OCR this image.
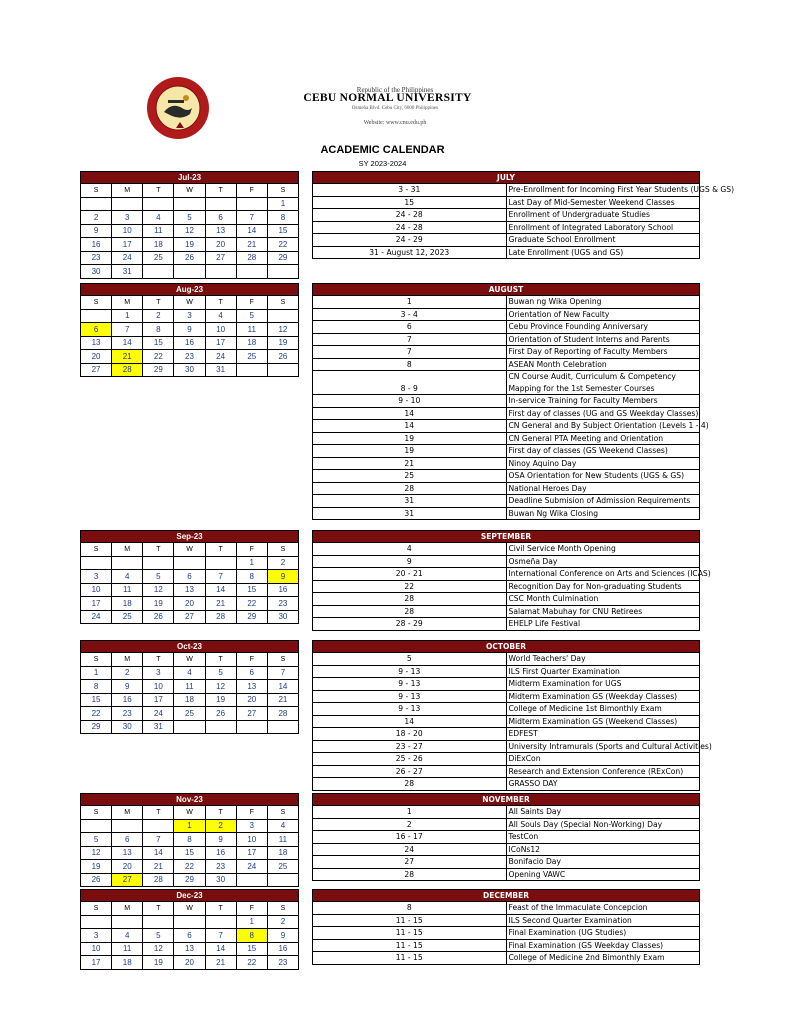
Republic of the Philippines
CEBU NORMAL UNIVERSITY
Osmeña Blvd. Cebu City, 6000 Philippines
Website: www.cnu.edu.ph
ACADEMIC CALENDAR
SY 2023-2024
Jul-23						
S	M	T	W	T	F	S
						1
2	3	4	5	6	7	8
9	10	11	12	13	14	15
16	17	18	19	20	21	22
23	24	25	26	27	28	29
30	31					
JULY	
3 - 31	Pre-Enrollment for Incoming First Year Students (UGS & GS)
15	Last Day of Mid-Semester Weekend Classes
24 - 28	Enrollment of Undergraduate Studies
24 - 28	Enrollment of Integrated Laboratory School
24 - 29	Graduate School Enrollment
31 - August 12, 2023	Late Enrollment (UGS and GS)
Aug-23						
S	M	T	W	T	F	S
	1	2	3	4	5	
6	7	8	9	10	11	12
13	14	15	16	17	18	19
20	21	22	23	24	25	26
27	28	29	30	31		
AUGUST	
1	Buwan ng Wika Opening
3 - 4	Orientation of New Faculty
6	Cebu Province Founding Anniversary
7	Orientation of Student Interns and Parents
7	First Day of Reporting of Faculty Members
8	ASEAN Month Celebration
8 - 9	CN Course Audit, Curriculum & Competency Mapping for the 1st Semester Courses
9 - 10	In-service Training for Faculty Members
14	First day of classes (UG and GS Weekday Classes)
14	CN General and By Subject Orientation (Levels 1 - 4)
19	CN General PTA Meeting and Orientation
19	First day of classes (GS Weekend Classes)
21	Ninoy Aquino Day
25	OSA Orientation for New Students (UGS & GS)
28	National Heroes Day
31	Deadline Submision of Admission Requirements
31	Buwan Ng Wika Closing
Sep-23						
S	M	T	W	T	F	S
					1	2
3	4	5	6	7	8	9
10	11	12	13	14	15	16
17	18	19	20	21	22	23
24	25	26	27	28	29	30
SEPTEMBER	
4	Civil Service Month Opening
9	Osmeña Day
20 - 21	International Conference on Arts and Sciences (ICAS)
22	Recognition Day for Non-graduating Students
28	CSC Month Culmination
28	Salamat Mabuhay for CNU Retirees
28 - 29	EHELP Life Festival
Oct-23						
S	M	T	W	T	F	S
1	2	3	4	5	6	7
8	9	10	11	12	13	14
15	16	17	18	19	20	21
22	23	24	25	26	27	28
29	30	31				
OCTOBER	
5	World Teachers' Day
9 - 13	ILS First Quarter Examination
9 - 13	Midterm Examination for UGS
9 - 13	Midterm Examination GS (Weekday Classes)
9 - 13	College of Medicine 1st Bimonthly Exam
14	Midterm Examination GS (Weekend Classes)
18 - 20	EDFEST
23 - 27	University Intramurals (Sports and Cultural Activities)
25 - 26	DiExCon
26 - 27	Research and Extension Conference (RExCon)
28	GRASSO DAY
Nov-23						
S	M	T	W	T	F	S
			1	2	3	4
5	6	7	8	9	10	11
12	13	14	15	16	17	18
19	20	21	22	23	24	25
26	27	28	29	30		
NOVEMBER	
1	All Saints Day
2	All Souls Day (Special Non-Working) Day
16 - 17	TestCon
24	ICoNs12
27	Bonifacio Day
28	Opening VAWC
Dec-23						
S	M	T	W	T	F	S
					1	2
3	4	5	6	7	8	9
10	11	12	13	14	15	16
17	18	19	20	21	22	23
DECEMBER	
8	Feast of the Immaculate Concepcion
11 - 15	ILS Second Quarter Examination
11 - 15	Final Examination (UG Studies)
11 - 15	Final Examination (GS Weekday Classes)
11 - 15	College of Medicine 2nd Bimonthly Exam
